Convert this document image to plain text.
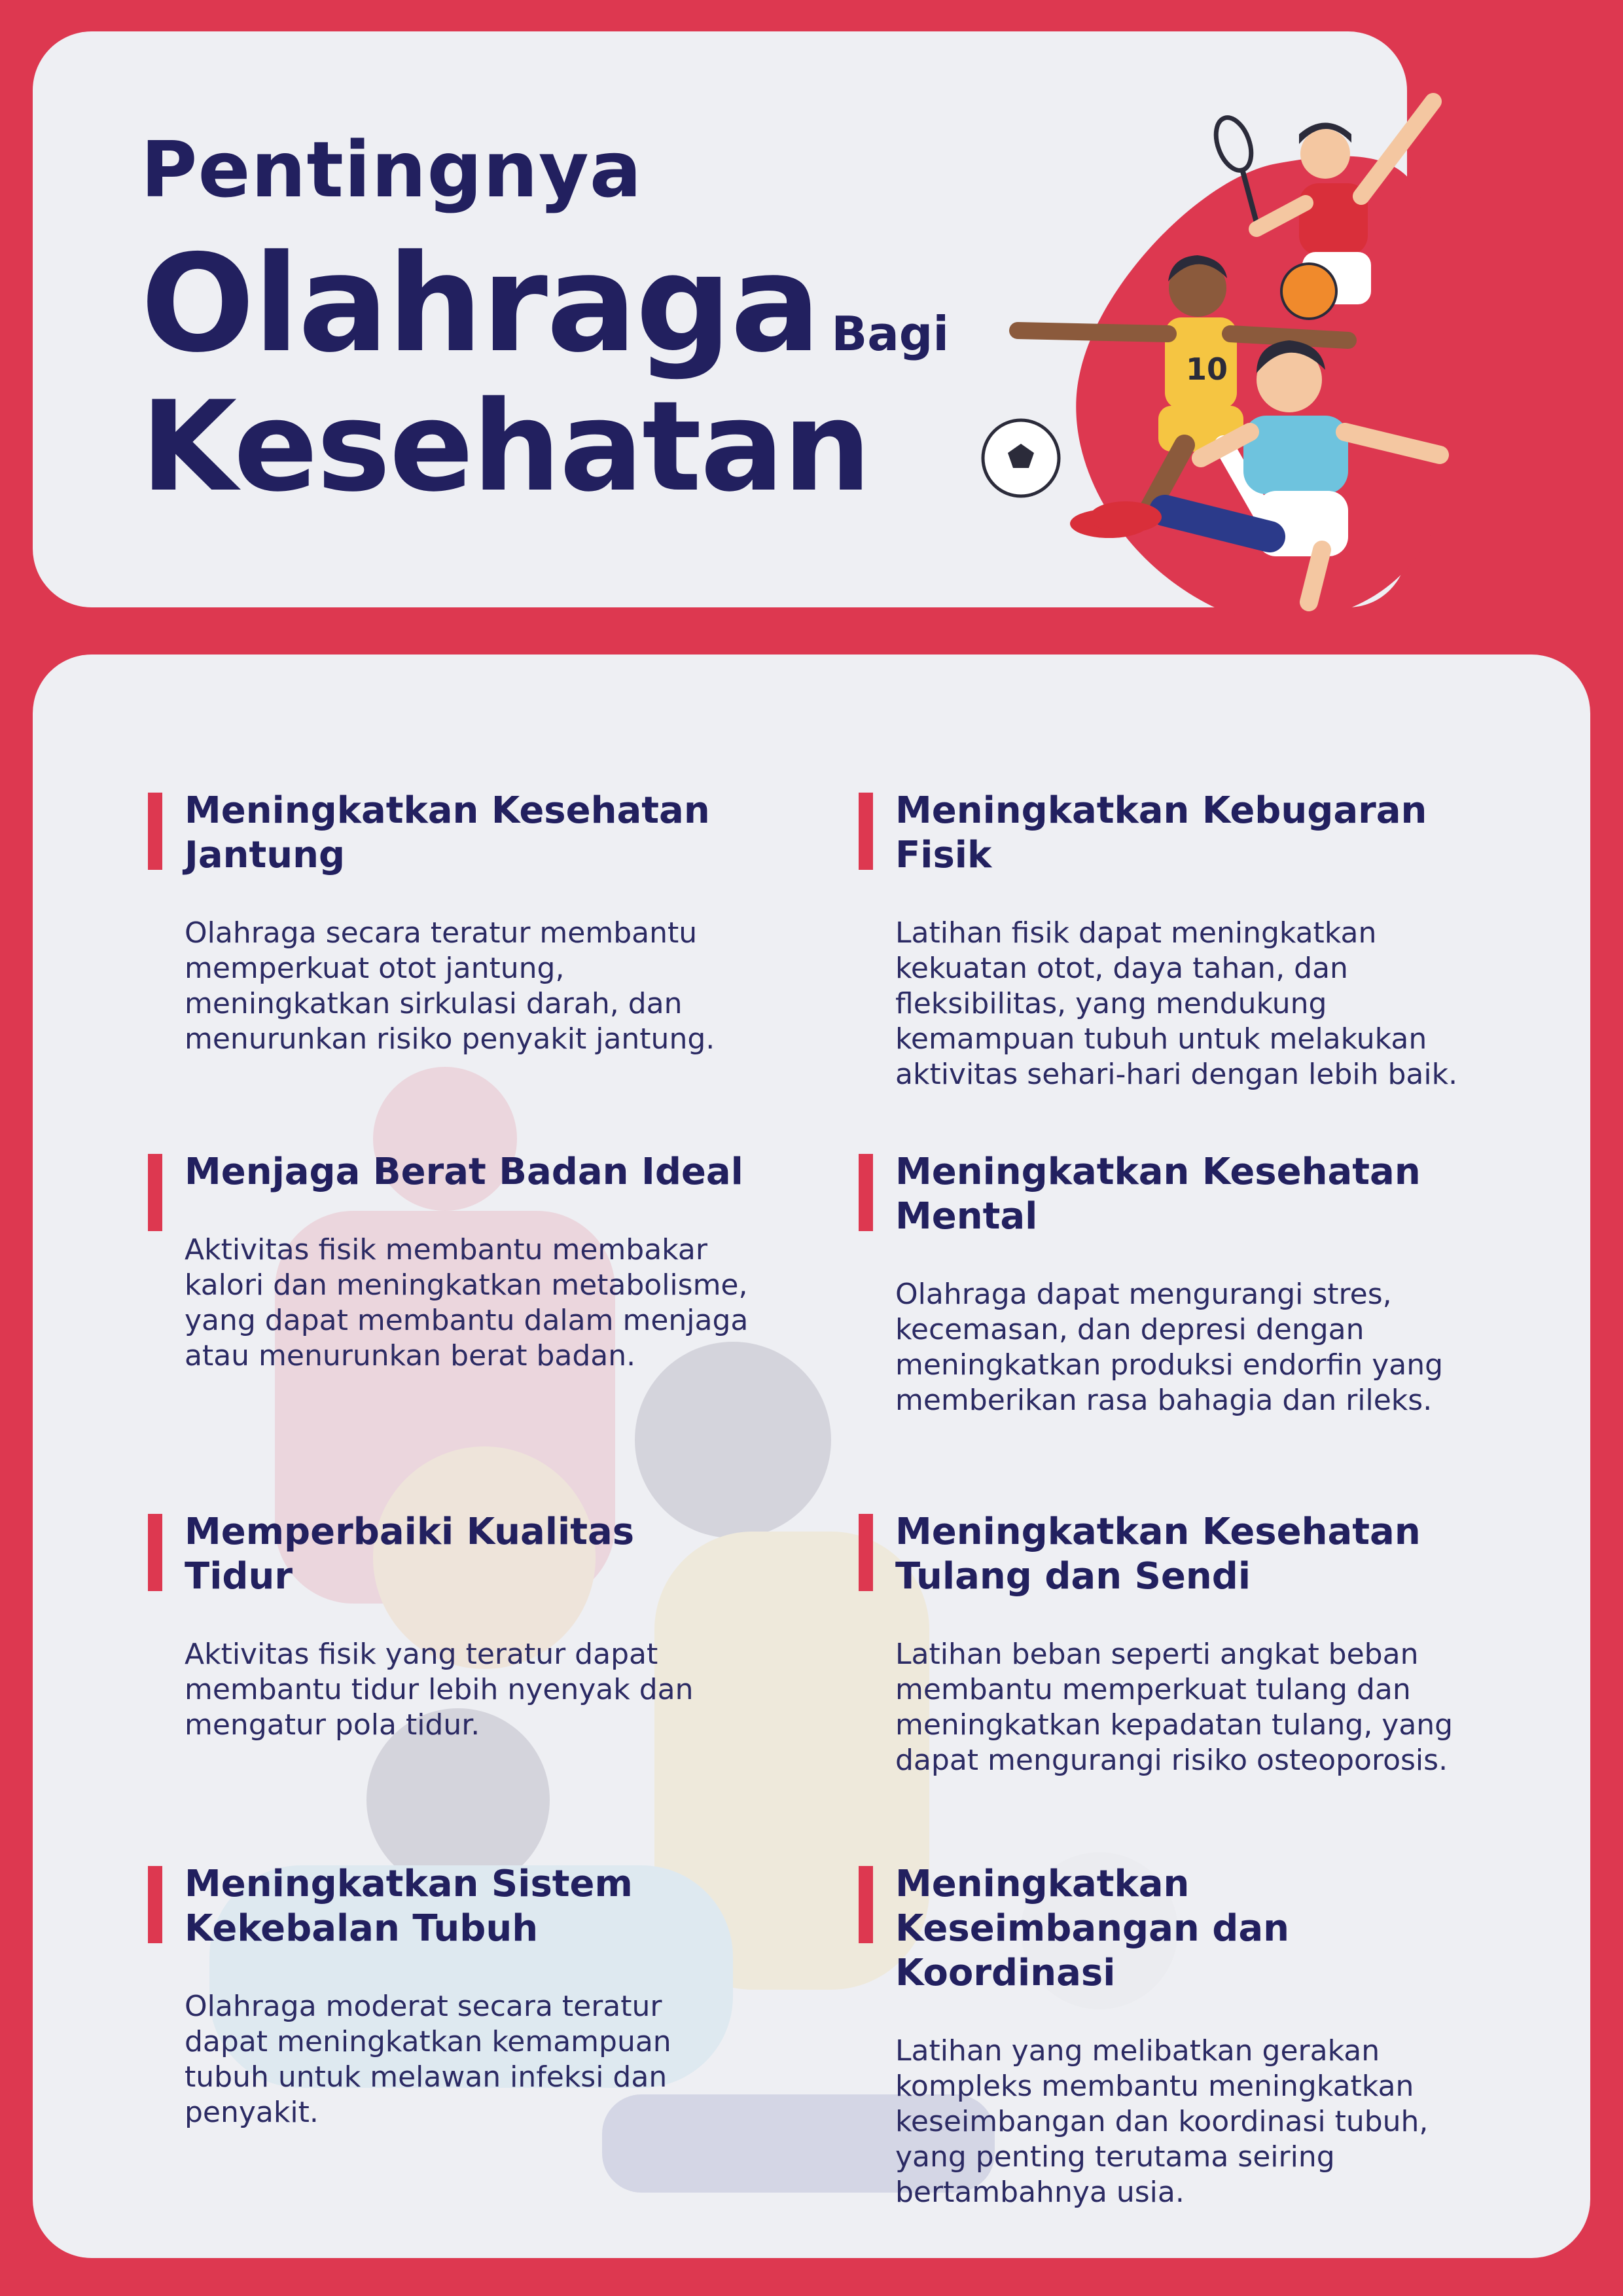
Pentingnya
Olahraga Bagi
Kesehatan
10
Meningkatkan Kesehatan Jantung

Olahraga secara teratur membantu memperkuat otot jantung, meningkatkan sirkulasi darah, dan menurunkan risiko penyakit jantung.

Meningkatkan Kebugaran Fisik

Latihan fisik dapat meningkatkan kekuatan otot, daya tahan, dan fleksibilitas, yang mendukung kemampuan tubuh untuk melakukan aktivitas sehari-hari dengan lebih baik.

Menjaga Berat Badan Ideal

Aktivitas fisik membantu membakar kalori dan meningkatkan metabolisme, yang dapat membantu dalam menjaga atau menurunkan berat badan.

Meningkatkan Kesehatan Mental

Olahraga dapat mengurangi stres, kecemasan, dan depresi dengan meningkatkan produksi endorfin yang memberikan rasa bahagia dan rileks.

Memperbaiki Kualitas Tidur

Aktivitas fisik yang teratur dapat membantu tidur lebih nyenyak dan mengatur pola tidur.

Meningkatkan Kesehatan Tulang dan Sendi

Latihan beban seperti angkat beban membantu memperkuat tulang dan meningkatkan kepadatan tulang, yang dapat mengurangi risiko osteoporosis.

Meningkatkan Sistem Kekebalan Tubuh

Olahraga moderat secara teratur dapat meningkatkan kemampuan tubuh untuk melawan infeksi dan penyakit.

Meningkatkan Keseimbangan dan Koordinasi

Latihan yang melibatkan gerakan kompleks membantu meningkatkan keseimbangan dan koordinasi tubuh, yang penting terutama seiring bertambahnya usia.
